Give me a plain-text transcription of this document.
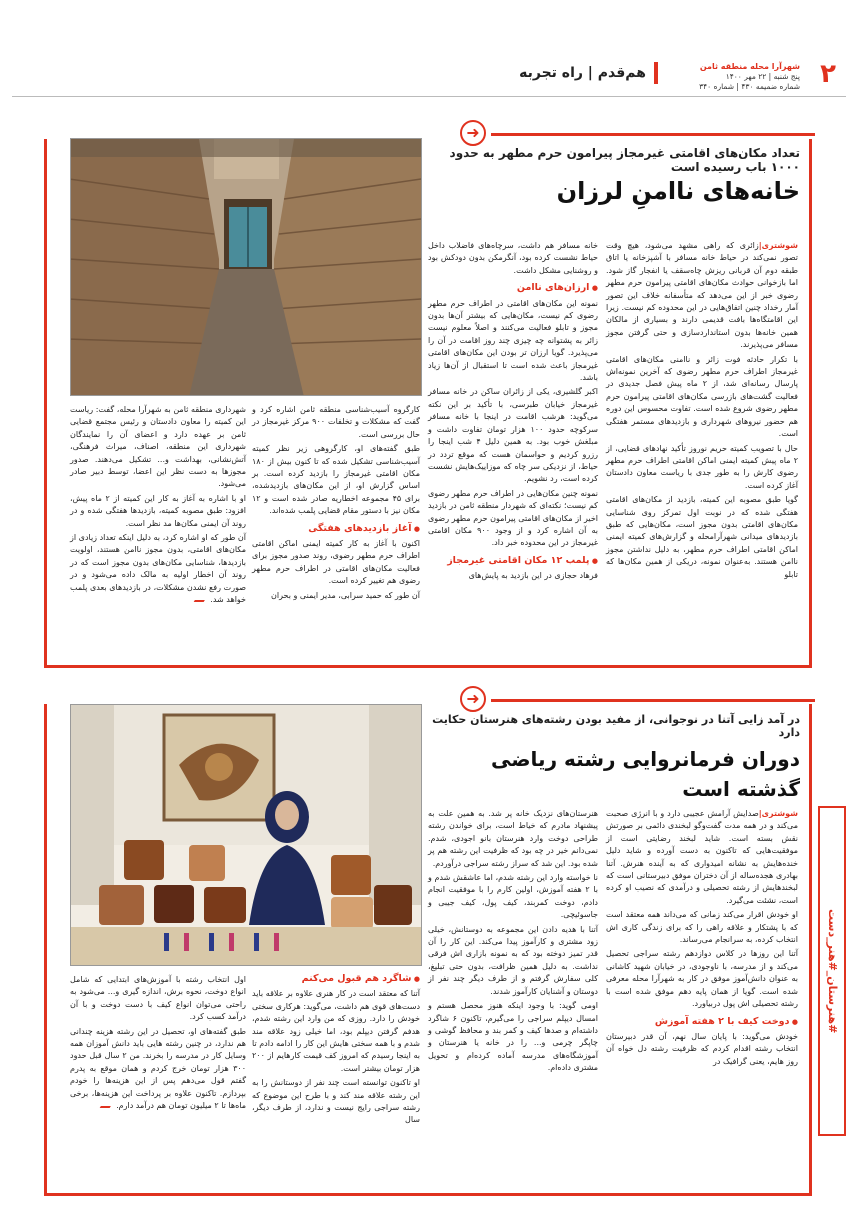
۲
شهرآرا محله منطقه ثامن
پنج شنبه | ۲۲ مهر ۱۴۰۰
شماره ضمیمه ۴۳۰ | شماره ۳۴۰
هم‌قدم | راه تجربه
➜
تعداد مکان‌های اقامتی غیرمجاز پیرامون حرم مطهر به حدود ۱۰۰۰ باب رسیده است
خانه‌های ناامنِ لرزان

شوشتری|زائری که راهی مشهد می‌شود، هیچ وقت تصور نمی‌کند در حیاط خانه مسافر با آشپزخانه یا اتاق طبقه دوم آن قربانی ریزش چاه‌سقف یا انفجار گاز شود. اما بازخوانی حوادث مکان‌های اقامتی پیرامون حرم مطهر رضوی خبر از این می‌دهد که متأسفانه خلاف این تصور آمار رخداد چنین اتفاق‌هایی در این محدوده کم نیست. زیرا این اقامتگاه‌ها بافت قدیمی دارند و بسیاری از مالکان همین خانه‌ها بدون استانداردسازی و حتی گرفتن مجوز مسافر می‌پذیرند.

با تکرار حادثه فوت زائر و ناامنی مکان‌های اقامتی غیرمجاز اطراف حرم مطهر رضوی که آخرین نمونه‌اش پارسال رسانه‌ای شد، از ۲ ماه پیش فصل جدیدی در فعالیت گشت‌های بازرسی مکان‌های اقامتی پیرامون حرم مطهر رضوی شروع شده است. تفاوت محسوس این دوره هم حضور نیروهای شهرداری و بازدیدهای مستمر هفتگی است.

حال با تصویب کمیته حریم نوروز تأکید نهادهای قضایی، از ۲ ماه پیش کمیته ایمنی اماکن اقامتی اطراف حرم مطهر رضوی کارش را به طور جدی با ریاست معاون دادستان آغاز کرده است.

گویا طبق مصوبه این کمیته، بازدید از مکان‌های اقامتی هفتگی شده که در نوبت اول تمرکز روی شناسایی مکان‌های اقامتی بدون مجوز است، مکان‌هایی که طبق بازدیدهای میدانی شهرآرامحله و گزارش‌های کمیته ایمنی اماکن اقامتی اطراف حرم مطهر، به دلیل نداشتن مجوز ناامن هستند. به‌عنوان نمونه، دریکی از همین مکان‌ها که تابلو

خانه مسافر هم داشت، سرچاه‌های فاضلاب داخل حیاط نشست کرده بود، آنگرمکن بدون دودکش بود و روشنایی مشکل داشت.

● ارزان‌های ناامن

نمونه این مکان‌های اقامتی در اطراف حرم مطهر رضوی کم نیست، مکان‌هایی که بیشتر آن‌ها بدون مجوز و تابلو فعالیت می‌کنند و اصلاً معلوم نیست زائر به پشتوانه چه چیزی چند روز اقامت در آن را می‌پذیرد. گویا ارزان تر بودن این مکان‌های اقامتی غیرمجاز باعث شده است تا استقبال از آن‌ها زیاد باشد.

اکبر گلشیری، یکی از زائران ساکن در خانه مسافر غیرمجاز خیابان طبرسی، با تأکید بر این نکته می‌گوید: هرشب اقامت در اینجا با خانه مسافر سرکوچه حدود ۱۰۰ هزار تومان تفاوت داشت و مبلغش خوب بود. به همین دلیل ۴ شب اینجا را رزرو کردیم و حواسمان هست که موقع تردد در حیاط، از نزدیکی سر چاه که موزاییک‌هایش نشست کرده است، رد نشویم.

نمونه چنین مکان‌هایی در اطراف حرم مطهر رضوی کم نیست؛ نکته‌ای که شهردار منطقه ثامن در بازدید اخیر از مکان‌های اقامتی پیرامون حرم مطهر رضوی به آن اشاره کرد و از وجود ۹۰۰ مکان اقامتی غیرمجاز در این محدوده خبر داد.

● پلمب ۱۲ مکان اقامتی غیرمجاز

فرهاد حجازی در این بازدید به پایش‌های

کارگروه آسیب‌شناسی منطقه ثامن اشاره کرد و گفت که مشکلات و تخلفات ۹۰۰ مرکز غیرمجاز در حال بررسی است.

طبق گفته‌های او، کارگروهی زیر نظر کمیته آسیب‌شناسی تشکیل شده که تا کنون بیش از ۱۸۰ مکان اقامتی غیرمجاز را بازدید کرده است. بر اساس گزارش او، از این مکان‌های بازدیدشده، برای ۴۵ مجموعه اخطاریه صادر شده است و ۱۲ مکان نیز با دستور مقام قضایی پلمب شده‌اند.

● آغاز بازدیدهای هفتگی

اکنون با آغاز به کار کمیته ایمنی اماکن اقامتی اطراف حرم مطهر رضوی، روند صدور مجوز برای فعالیت مکان‌های اقامتی در اطراف حرم مطهر رضوی هم تغییر کرده است.

آن طور که حمید سرابی، مدیر ایمنی و بحران

شهرداری منطقه ثامن به شهرآرا محله، گفت: ریاست این کمیته را معاون دادستان و رئیس مجتمع قضایی ثامن بر عهده دارد و اعضای آن را نمایندگان شهرداری این منطقه، اصناف، میراث فرهنگی، آتش‌نشانی، بهداشت و... تشکیل می‌دهند. صدور مجوزها به دست نظر این اعضا، توسط دبیر صادر می‌شود.

او با اشاره به آغاز به کار این کمیته از ۲ ماه پیش، افزود: طبق مصوبه کمیته، بازدیدها هفتگی شده و در روند آن ایمنی مکان‌ها مد نظر است.

آن طور که او اشاره کرد، به دلیل اینکه تعداد زیادی از مکان‌های اقامتی، بدون مجوز ناامن هستند، اولویت بازدیدها، شناسایی مکان‌های بدون مجوز است که در روند آن اخطار اولیه به مالک داده می‌شود و در صورت رفع نشدن مشکلات، در بازدیدهای بعدی پلمب خواهد شد.

➜
در آمد زایی آتنا در نوجوانی، از مفید بودن رشته‌های هنرستان حکایت دارد
دوران فرمانروایی رشته ریاضی گذشته است
#هنرستان_#هنر_دست

شوشتری|صدایش آرامش عجیبی دارد و با انرژی صحبت می‌کند و در همه مدت گفت‌وگو لبخندی دائمی بر صورتش نقش بسته است. شاید لبخند رضایتی است از موفقیت‌هایی که تاکنون به دست آورده و شاید دلیل خنده‌هایش به نشانه امیدواری که به آینده هنرش. آتنا بهادری هجده‌ساله از آن دختران موفق دبیرستانی است که لبخندهایش از رشته تحصیلی و درآمدی که نصیب او کرده است، نشئت می‌گیرد.

او خودش اقرار می‌کند زمانی که می‌داند همه معتقد است که با پشتکار و علاقه راهی را که برای زندگی کاری اش انتخاب کرده، به سرانجام می‌رساند.

آتنا این روزها در کلاس دوازدهم رشته سراجی تحصیل می‌کند و از مدرسه، با ناوجودی، در خیابان شهید کاشانی به عنوان دانش‌آموز موفق در کار به شهرآرا محله معرفی شده است. گویا از همان پایه دهم موفق شده است با رشته تحصیلی اش پول دربیاورد.

● دوخت کیف با ۲ هفته آموزش

خودش می‌گوید: با پایان سال نهم، آن قدر دبیرستان انتخاب رشته اقدام کردم که ظرفیت رشته دل خواه آن روز هایم، یعنی گرافیک در

هنرستان‌های نزدیک خانه پر شد. به همین علت به پیشنهاد مادرم که خیاط است، برای خواندن رشته طراحی دوخت وارد هنرستان بانو اجودی، شدم. نمی‌دانم خیر در چه بود که ظرفیت این رشته هم پر شده بود. این شد که سراز رشته سراجی درآوردم.

نا خواسته وارد این رشته شدم، اما عاشقش شدم و با ۲ هفته آموزش، اولین کارم را با موفقیت انجام دادم، دوخت کمربند، کیف پول، کیف جیبی و جاسوئیچی.

آتنا با هدیه دادن این مجموعه به دوستانش، خیلی زود مشتری و کارآموز پیدا می‌کند. این کار را آن قدر تمیز دوخته بود که به نمونه بازاری اش فرقی نداشت. به دلیل همین ظرافت، بدون حتی تبلیغ، کلی سفارش گرفتم و از طرف دیگر چند نفر از دوستان و آشنایان کارآموز شدند.

اومی گوید: با وجود اینکه هنوز محصل هستم و امسال دیپلم سراجی را می‌گیرم، تاکنون ۶ شاگرد داشته‌ام و صدها کیف و کمر بند و محافظ گوشی و چاپگر چرمی و... را در خانه یا هنرستان و آموزشگاه‌های مدرسه آماده کرده‌ام و تحویل مشتری داده‌ام.

● شاگرد هم قبول می‌کنم

آتنا که معتقد است در کار هنری علاوه بر علاقه باید دست‌های قوی هم داشت، می‌گوید: هرکاری سختی خودش را دارد. روزی که من وارد این رشته شدم، هدفم گرفتن دیپلم بود، اما خیلی زود علاقه مند شدم و با همه سختی هایش این کار را ادامه دادم تا به اینجا رسیدم که امروز کف قیمت کارهایم از ۲۰۰ هزار تومان بیشتر است.

او تاکنون توانسته است چند نفر از دوستانش را به این رشته علاقه مند کند و با طرح این موضوع که رشته سراجی رایج نیست و ندارد، از طرف دیگر، سال

اول انتخاب رشته با آموزش‌های ابتدایی که شامل انواع دوخت، نحوه برش، اندازه گیری و... می‌شود به راحتی می‌توان انواع کیف با دست دوخت و با آن درآمد کسب کرد.

طبق گفته‌های او، تحصیل در این رشته هزینه چندانی هم ندارد، در چنین رشته هایی باید دانش آموزان همه وسایل کار در مدرسه را بخرند. من ۲ سال قبل حدود ۳۰۰ هزار تومان خرج کردم و همان موقع به پدرم گفتم قول می‌دهم پس از این هزینه‌ها را خودم بپردازم. تاکنون علاوه بر پرداخت این هزینه‌ها، برخی ماه‌ها تا ۲ میلیون تومان هم درآمد دارم.
